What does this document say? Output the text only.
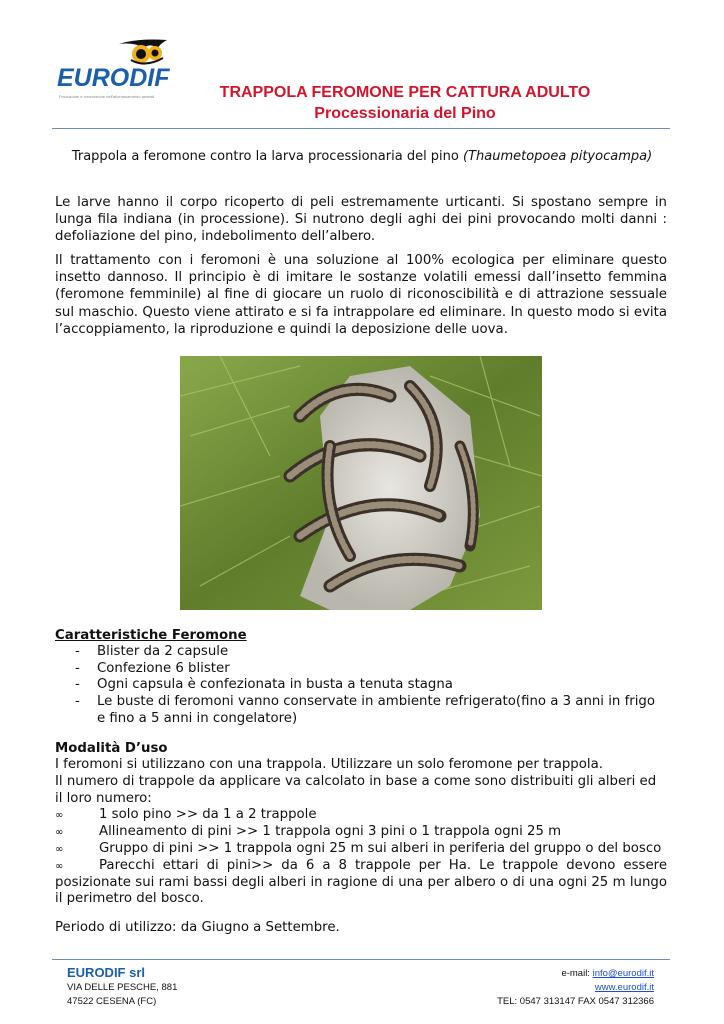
EURODIF
Produzione e innovazione nell'allontanamento animali	TRAPPOLA FEROMONE PER CATTURA ADULTO
Processionaria del Pino
Trappola a feromone contro la larva processionaria del pino (Thaumetopoea pityocampa)

Le larve hanno il corpo ricoperto di peli estremamente urticanti. Si spostano sempre in lunga fila indiana (in processione). Si nutrono degli aghi dei pini provocando molti danni : defoliazione del pino, indebolimento dell’albero.

Il trattamento con i feromoni è una soluzione al 100% ecologica per eliminare questo insetto dannoso. Il principio è di imitare le sostanze volatili emessi dall’insetto femmina (feromone femminile) al fine di giocare un ruolo di riconoscibilità e di attrazione sessuale sul maschio. Questo viene attirato e si fa intrappolare ed eliminare. In questo modo si evita l’accoppiamento, la riproduzione e quindi la deposizione delle uova.

Caratteristiche Feromone
- Blister da 2 capsule
- Confezione 6 blister
- Ogni capsula è confezionata in busta a tenuta stagna
- Le buste di feromoni vanno conservate in ambiente refrigerato(fino a 3 anni in frigo e fino a 5 anni in congelatore)
Modalità D’uso

I feromoni si utilizzano con una trappola. Utilizzare un solo feromone per trappola.

Il numero di trappole da applicare va calcolato in base a come sono distribuiti gli alberi ed il loro numero:

∞	1 solo pino >> da 1 a 2 trappole

∞	Allineamento di pini >> 1 trappola ogni 3 pini o 1 trappola ogni 25 m

∞	Gruppo di pini >> 1 trappola ogni 25 m sui alberi in periferia del gruppo o del bosco

∞	Parecchi ettari di pini>> da 6 a 8 trappole per Ha. Le trappole devono essere posizionate sui rami bassi degli alberi in ragione di una per albero o di una ogni 25 m lungo il perimetro del bosco.

Periodo di utilizzo: da Giugno a Settembre.
EURODIF srl
VIA DELLE PESCHE, 881
47522 CESENA (FC)
e-mail: info@eurodif.it
www.eurodif.it
TEL: 0547 313147 FAX 0547 312366
